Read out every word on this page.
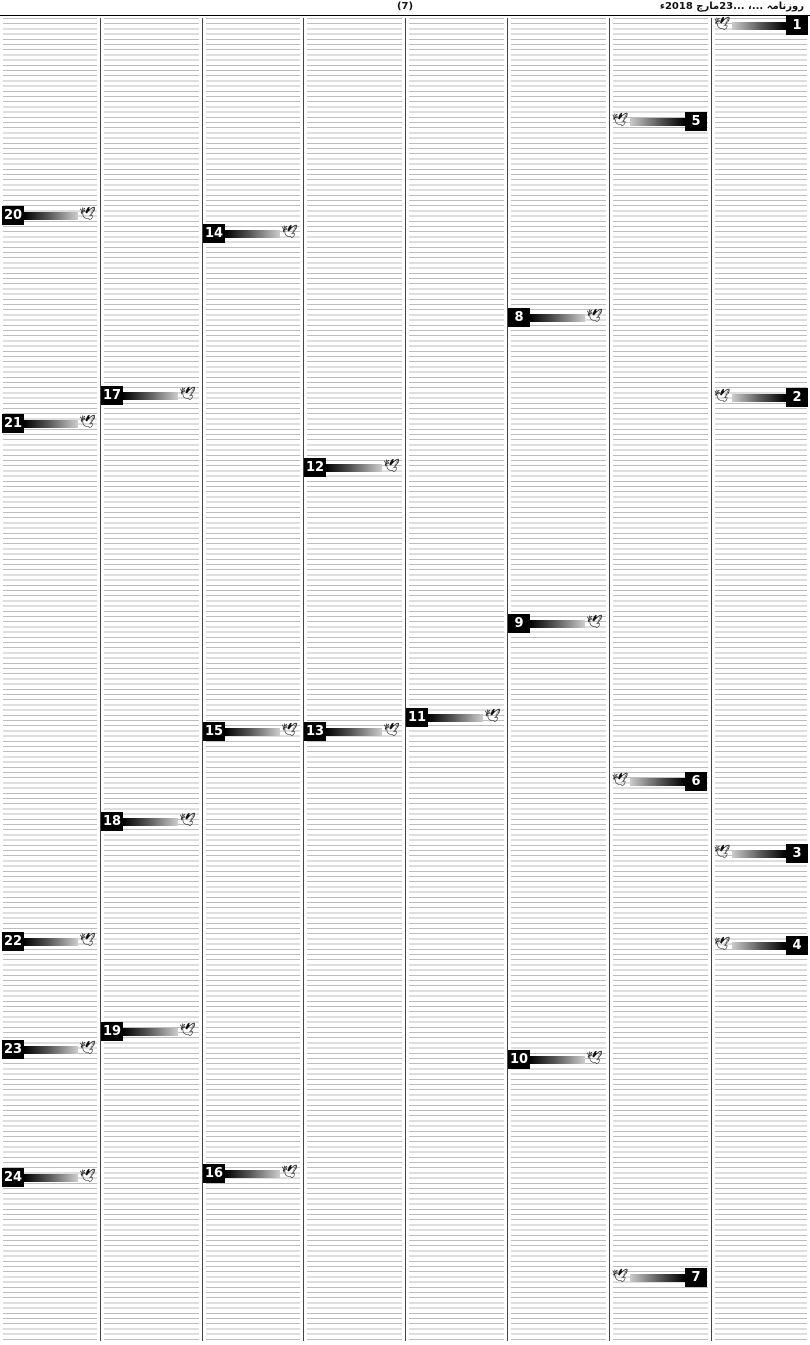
(7)	روزنامہ ...، ...23مارچ 2018ء
1
🕊
2
🕊
3
🕊
4
🕊
5
🕊
6
🕊
7
🕊
8	🕊
9	🕊
10	🕊
11	🕊
12	🕊
13	🕊
14	🕊
15	🕊
16	🕊
17	🕊
18	🕊
19	🕊
20	🕊
21	🕊
22	🕊
23	🕊
24	🕊
